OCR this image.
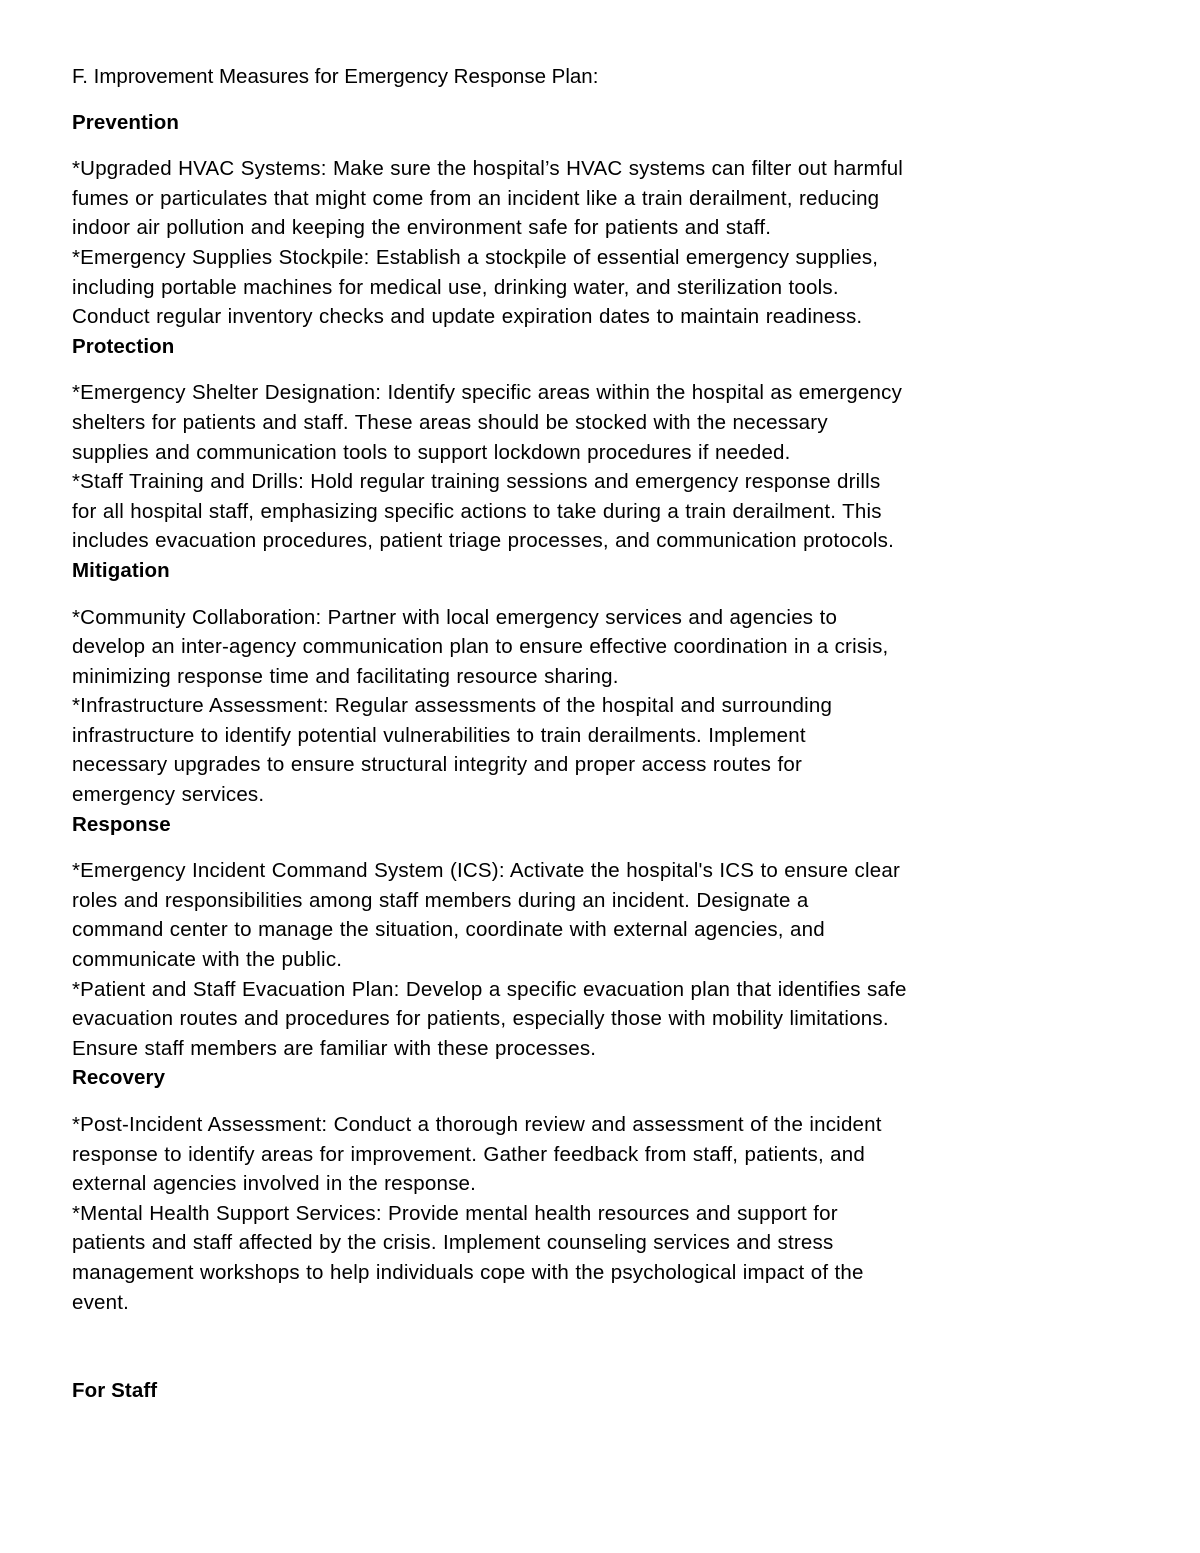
F. Improvement Measures for Emergency Response Plan:

Prevention
*Upgraded HVAC Systems: Make sure the hospital’s HVAC systems can filter out harmful
fumes or particulates that might come from an incident like a train derailment, reducing
indoor air pollution and keeping the environment safe for patients and staff.
*Emergency Supplies Stockpile: Establish a stockpile of essential emergency supplies,
including portable machines for medical use, drinking water, and sterilization tools.
Conduct regular inventory checks and update expiration dates to maintain readiness.
Protection
*Emergency Shelter Designation: Identify specific areas within the hospital as emergency
shelters for patients and staff. These areas should be stocked with the necessary
supplies and communication tools to support lockdown procedures if needed.
*Staff Training and Drills: Hold regular training sessions and emergency response drills
for all hospital staff, emphasizing specific actions to take during a train derailment. This
includes evacuation procedures, patient triage processes, and communication protocols.
Mitigation
*Community Collaboration: Partner with local emergency services and agencies to
develop an inter-agency communication plan to ensure effective coordination in a crisis,
minimizing response time and facilitating resource sharing.
*Infrastructure Assessment: Regular assessments of the hospital and surrounding
infrastructure to identify potential vulnerabilities to train derailments. Implement
necessary upgrades to ensure structural integrity and proper access routes for
emergency services.
Response
*Emergency Incident Command System (ICS): Activate the hospital's ICS to ensure clear
roles and responsibilities among staff members during an incident. Designate a
command center to manage the situation, coordinate with external agencies, and
communicate with the public.
*Patient and Staff Evacuation Plan: Develop a specific evacuation plan that identifies safe
evacuation routes and procedures for patients, especially those with mobility limitations.
Ensure staff members are familiar with these processes.
Recovery
*Post-Incident Assessment: Conduct a thorough review and assessment of the incident
response to identify areas for improvement. Gather feedback from staff, patients, and
external agencies involved in the response.
*Mental Health Support Services: Provide mental health resources and support for
patients and staff affected by the crisis. Implement counseling services and stress
management workshops to help individuals cope with the psychological impact of the
event.
For Staff
